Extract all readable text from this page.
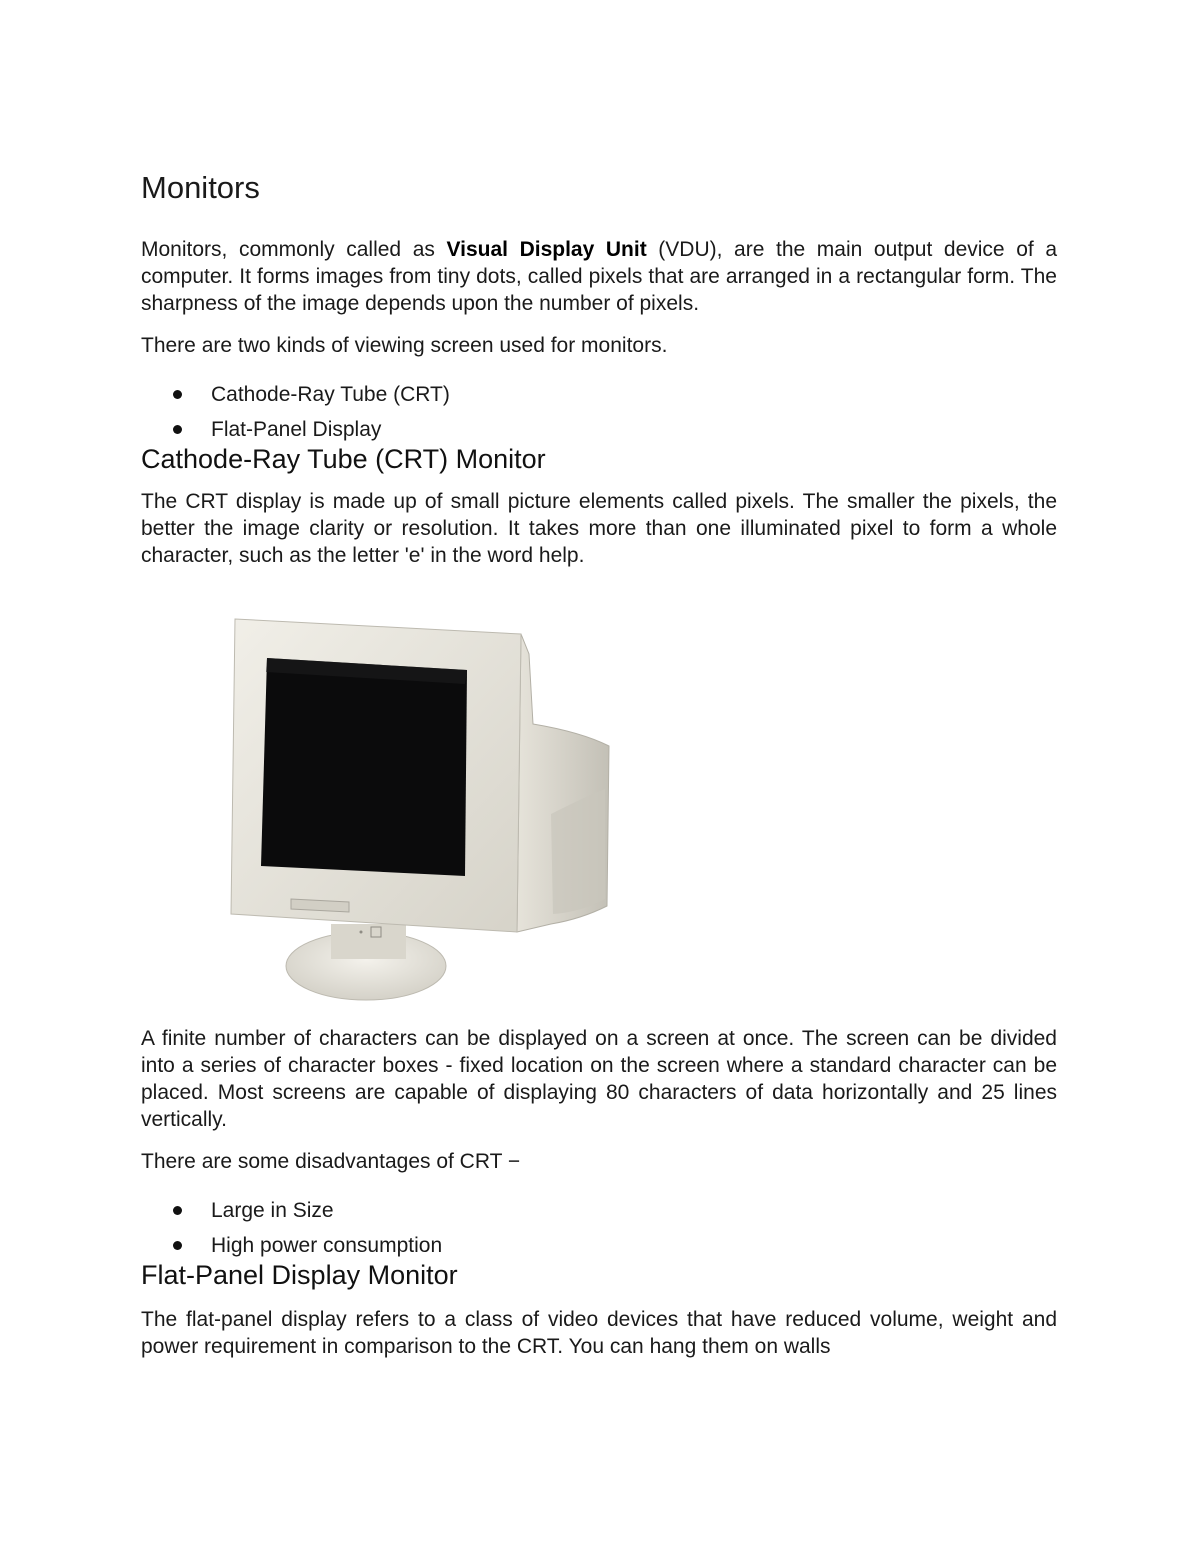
Monitors

Monitors, commonly called as Visual Display Unit (VDU), are the main output device of a computer. It forms images from tiny dots, called pixels that are arranged in a rectangular form. The sharpness of the image depends upon the number of pixels.

There are two kinds of viewing screen used for monitors.

Cathode-Ray Tube (CRT)
Flat-Panel Display
Cathode-Ray Tube (CRT) Monitor

The CRT display is made up of small picture elements called pixels. The smaller the pixels, the better the image clarity or resolution. It takes more than one illuminated pixel to form a whole character, such as the letter 'e' in the word help.

A finite number of characters can be displayed on a screen at once. The screen can be divided into a series of character boxes - fixed location on the screen where a standard character can be placed. Most screens are capable of displaying 80 characters of data horizontally and 25 lines vertically.

There are some disadvantages of CRT −

Large in Size
High power consumption
Flat-Panel Display Monitor

The flat-panel display refers to a class of video devices that have reduced volume, weight and power requirement in comparison to the CRT. You can hang them on walls
